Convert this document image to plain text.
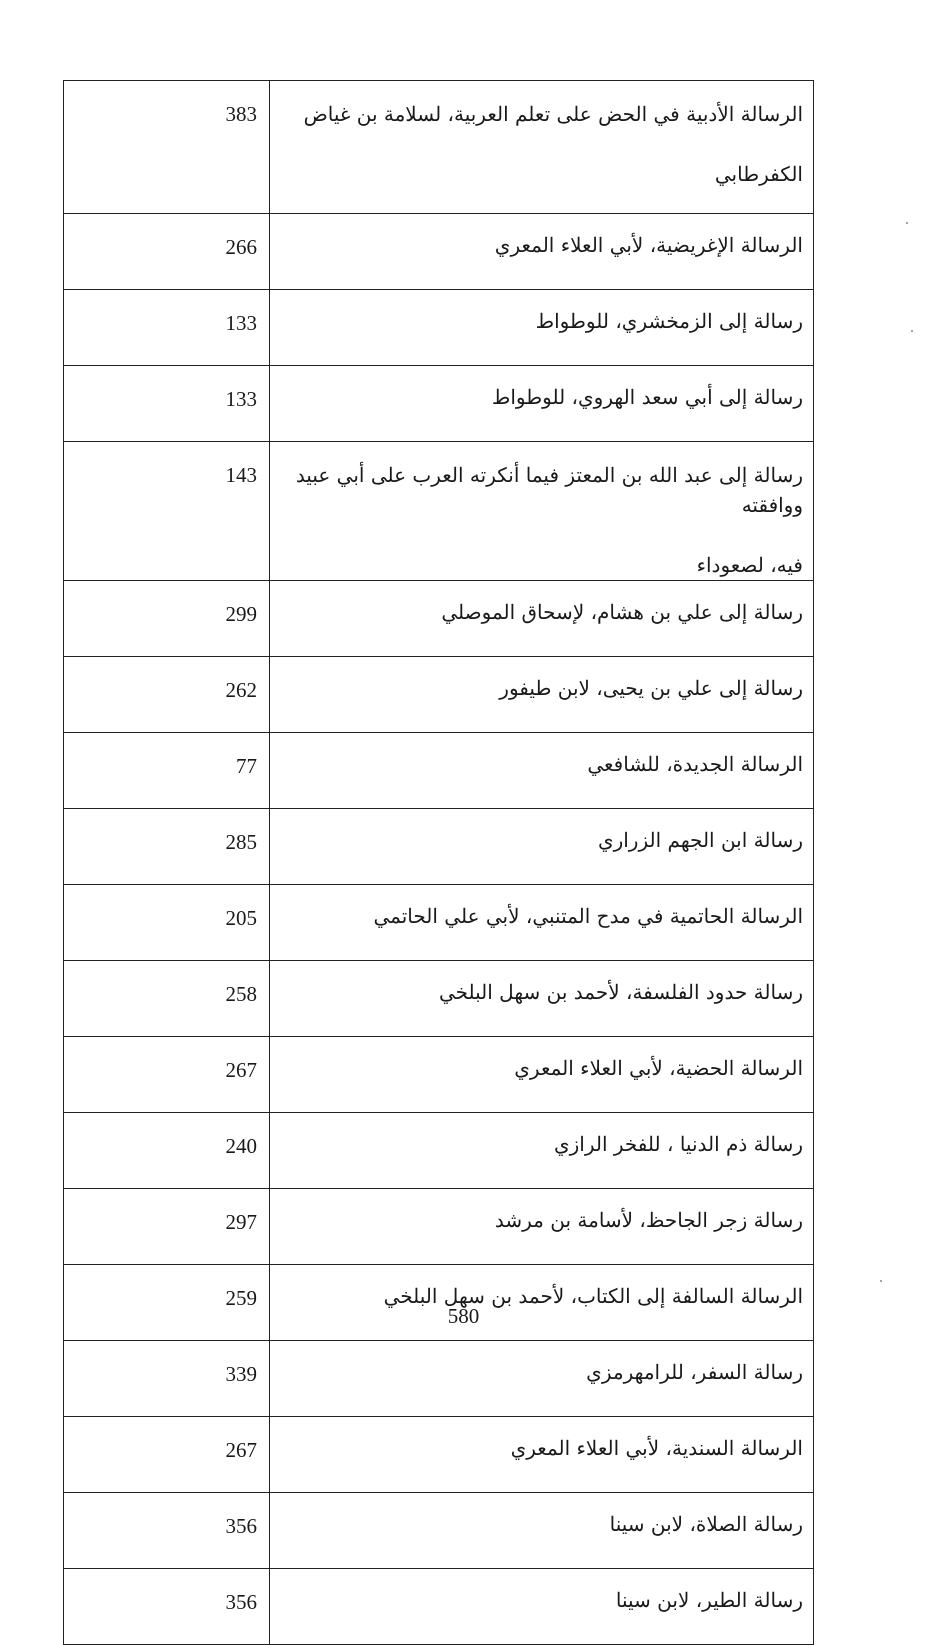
383	الرسالة الأدبية في الحض على تعلم العربية، لسلامة بن غياض
الكفرطابي

266	الرسالة الإغريضية، لأبي العلاء المعري

133	رسالة إلى الزمخشري، للوطواط

133	رسالة إلى أبي سعد الهروي، للوطواط

143	رسالة إلى عبد الله بن المعتز فيما أنكرته العرب على أبي عبيد ووافقته
فيه، لصعوداء

299	رسالة إلى علي بن هشام، لإسحاق الموصلي

262	رسالة إلى علي بن يحيى، لابن طيفور

77	الرسالة الجديدة، للشافعي

285	رسالة ابن الجهم الزراري

205	الرسالة الحاتمية في مدح المتنبي، لأبي علي الحاتمي

258	رسالة حدود الفلسفة، لأحمد بن سهل البلخي

267	الرسالة الحضية، لأبي العلاء المعري

240	رسالة ذم الدنيا ، للفخر الرازي

297	رسالة زجر الجاحظ، لأسامة بن مرشد

259	الرسالة السالفة إلى الكتاب، لأحمد بن سهل البلخي

339	رسالة السفر، للرامهرمزي

267	الرسالة السندية، لأبي العلاء المعري

356	رسالة الصلاة، لابن سينا

356	رسالة الطير، لابن سينا
580
